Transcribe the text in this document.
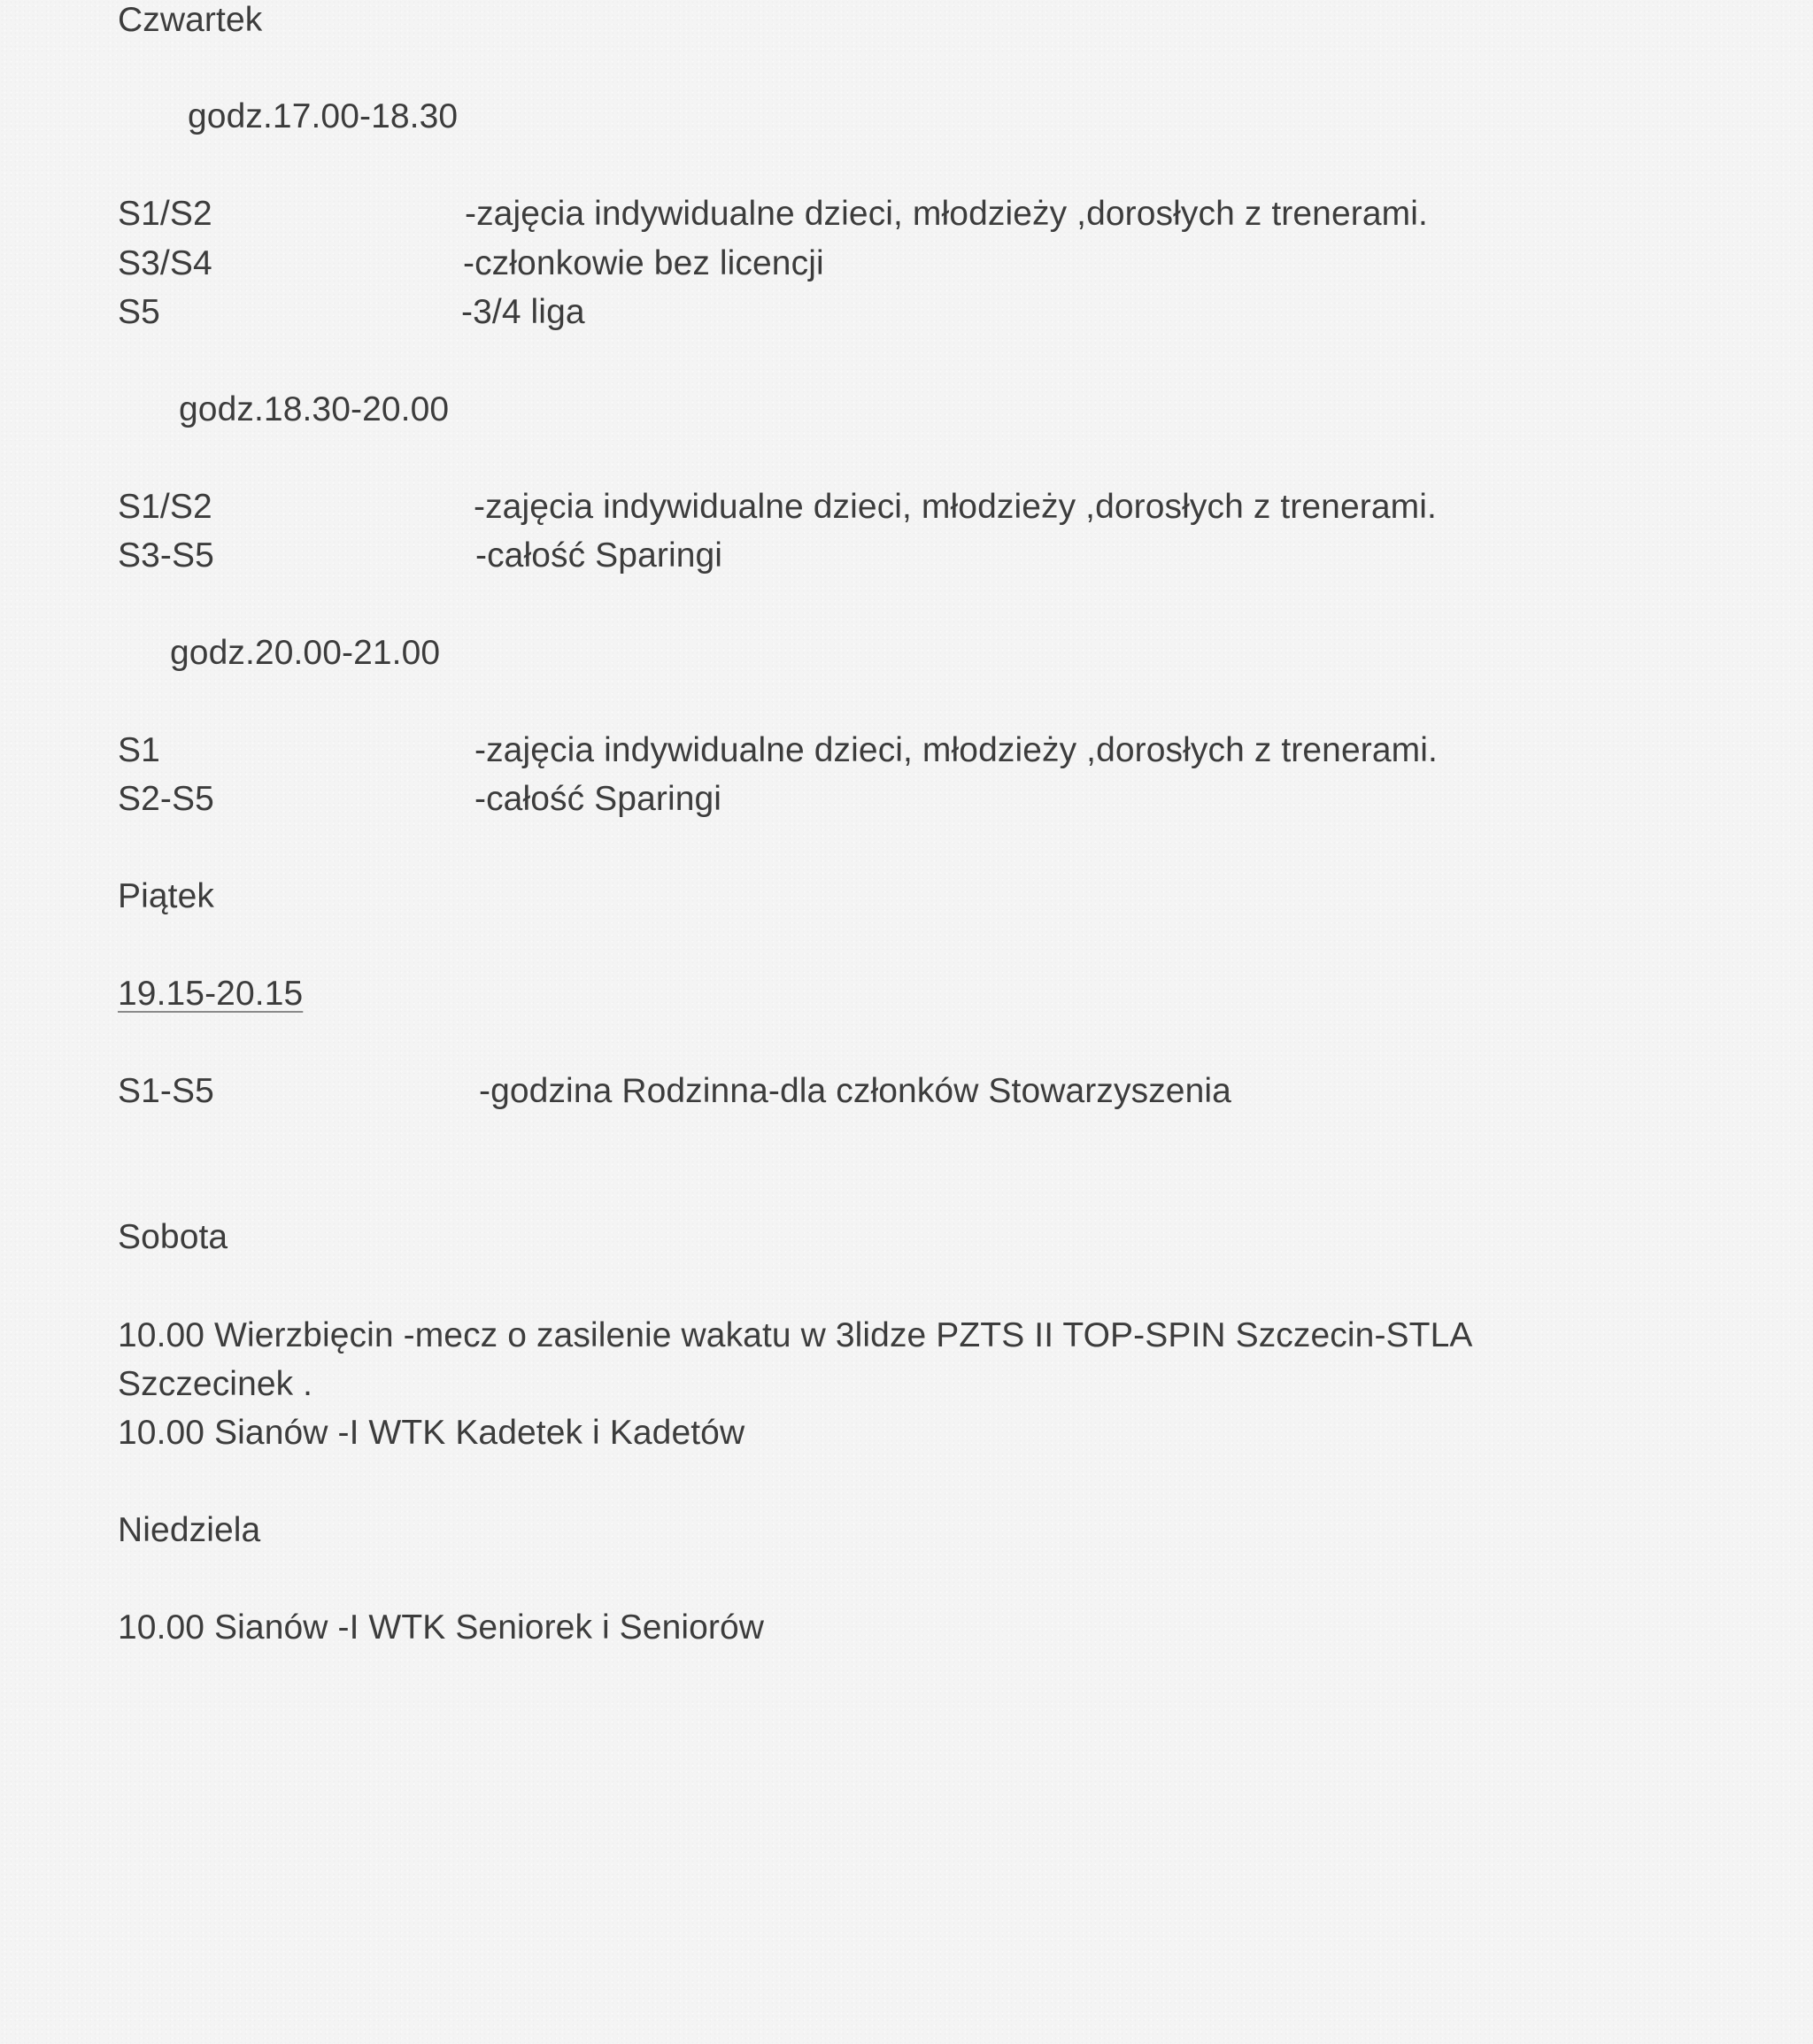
Czwartek
godz.17.00-18.30
S1/S2	-zajęcia indywidualne dzieci, młodzieży ,dorosłych z trenerami.
S3/S4	-członkowie bez licencji
S5	-3/4 liga
godz.18.30-20.00
S1/S2	-zajęcia indywidualne dzieci, młodzieży ,dorosłych z trenerami.
S3-S5	-całość Sparingi
godz.20.00-21.00
S1	-zajęcia indywidualne dzieci, młodzieży ,dorosłych z trenerami.
S2-S5	-całość Sparingi
Piątek
19.15-20.15
S1-S5	-godzina Rodzinna-dla członków Stowarzyszenia
Sobota
10.00 Wierzbięcin -mecz o zasilenie wakatu w 3lidze PZTS II TOP-SPIN Szczecin-STLA
Szczecinek .
10.00 Sianów -I WTK Kadetek i Kadetów
Niedziela
10.00 Sianów -I WTK Seniorek i Seniorów
